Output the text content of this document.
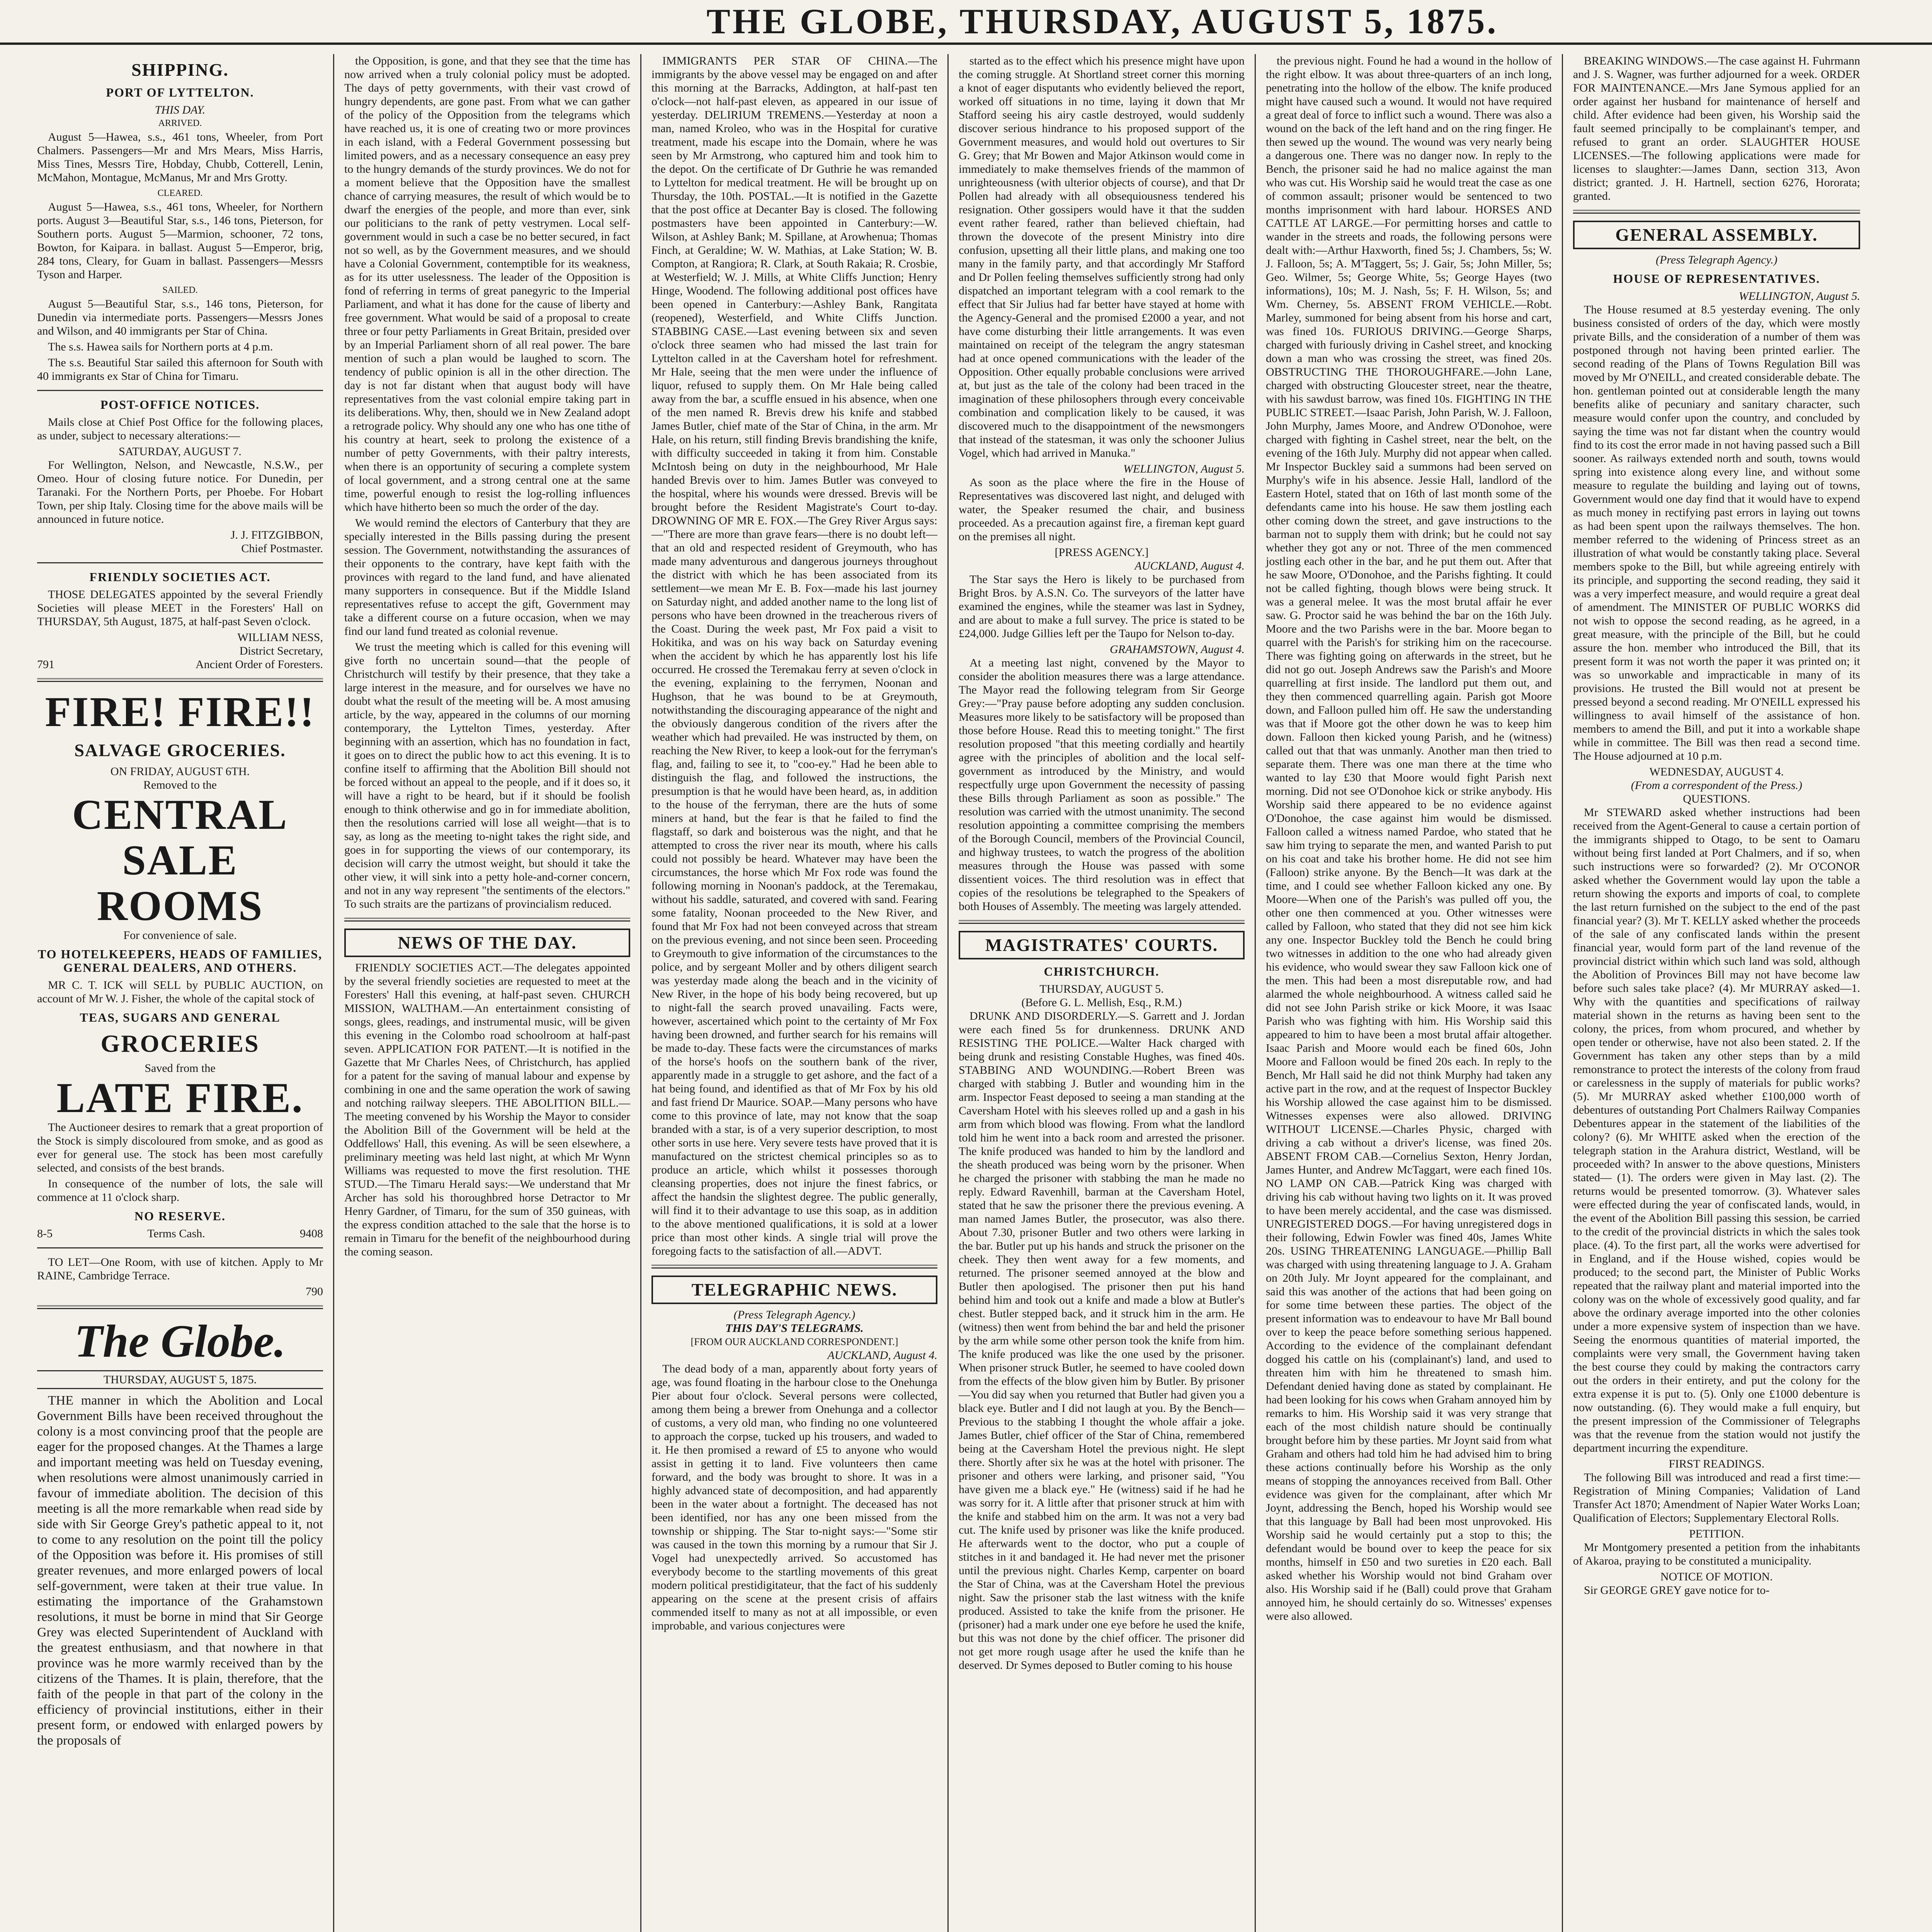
THE GLOBE, THURSDAY, AUGUST 5, 1875.
SHIPPING.
PORT OF LYTTELTON.
THIS DAY.
ARRIVED.

August 5—Hawea, s.s., 461 tons, Wheeler, from Port Chalmers. Passengers—Mr and Mrs Mears, Miss Harris, Miss Tines, Messrs Tire, Hobday, Chubb, Cotterell, Lenin, McMahon, Montague, McManus, Mr and Mrs Grotty.

CLEARED.

August 5—Hawea, s.s., 461 tons, Wheeler, for Northern ports. August 3—Beautiful Star, s.s., 146 tons, Pieterson, for Southern ports. August 5—Marmion, schooner, 72 tons, Bowton, for Kaipara. in ballast. August 5—Emperor, brig, 284 tons, Cleary, for Guam in ballast. Passengers—Messrs Tyson and Harper.

SAILED.

August 5—Beautiful Star, s.s., 146 tons, Pieterson, for Dunedin via intermediate ports. Passengers—Messrs Jones and Wilson, and 40 immigrants per Star of China.

The s.s. Hawea sails for Northern ports at 4 p.m.

The s.s. Beautiful Star sailed this afternoon for South with 40 immigrants ex Star of China for Timaru.

POST-OFFICE NOTICES.

Mails close at Chief Post Office for the following places, as under, subject to necessary alterations:—

SATURDAY, AUGUST 7.

For Wellington, Nelson, and Newcastle, N.S.W., per Omeo. Hour of closing future notice. For Dunedin, per Taranaki. For the Northern Ports, per Phoebe. For Hobart Town, per ship Italy. Closing time for the above mails will be announced in future notice.

J. J. FITZGIBBON,
Chief Postmaster.
FRIENDLY SOCIETIES ACT.

THOSE DELEGATES appointed by the several Friendly Societies will please MEET in the Foresters' Hall on THURSDAY, 5th August, 1875, at half-past Seven o'clock.

WILLIAM NESS,
District Secretary,
791	Ancient Order of Foresters.
FIRE! FIRE!!
SALVAGE GROCERIES.
ON FRIDAY, AUGUST 6TH.
Removed to the
CENTRAL
SALE ROOMS
For convenience of sale.
TO HOTELKEEPERS, HEADS OF FAMILIES, GENERAL DEALERS, AND OTHERS.

MR C. T. ICK will SELL by PUBLIC AUCTION, on account of Mr W. J. Fisher, the whole of the capital stock of

TEAS, SUGARS AND GENERAL
GROCERIES
Saved from the
LATE FIRE.

The Auctioneer desires to remark that a great proportion of the Stock is simply discoloured from smoke, and as good as ever for general use. The stock has been most carefully selected, and consists of the best brands.

In consequence of the number of lots, the sale will commence at 11 o'clock sharp.

NO RESERVE.
8-5	Terms Cash.	9408

TO LET—One Room, with use of kitchen. Apply to Mr RAINE, Cambridge Terrace.

790
The Globe.
THURSDAY, AUGUST 5, 1875.

THE manner in which the Abolition and Local Government Bills have been received throughout the colony is a most convincing proof that the people are eager for the proposed changes. At the Thames a large and important meeting was held on Tuesday evening, when resolutions were almost unanimously carried in favour of immediate abolition. The decision of this meeting is all the more remarkable when read side by side with Sir George Grey's pathetic appeal to it, not to come to any resolution on the point till the policy of the Opposition was before it. His promises of still greater revenues, and more enlarged powers of local self-government, were taken at their true value. In estimating the importance of the Grahamstown resolutions, it must be borne in mind that Sir George Grey was elected Superintendent of Auckland with the greatest enthusiasm, and that nowhere in that province was he more warmly received than by the citizens of the Thames. It is plain, therefore, that the faith of the people in that part of the colony in the efficiency of provincial institutions, either in their present form, or endowed with enlarged powers by the proposals of

the Opposition, is gone, and that they see that the time has now arrived when a truly colonial policy must be adopted. The days of petty governments, with their vast crowd of hungry dependents, are gone past. From what we can gather of the policy of the Opposition from the telegrams which have reached us, it is one of creating two or more provinces in each island, with a Federal Government possessing but limited powers, and as a necessary consequence an easy prey to the hungry demands of the sturdy provinces. We do not for a moment believe that the Opposition have the smallest chance of carrying measures, the result of which would be to dwarf the energies of the people, and more than ever, sink our politicians to the rank of petty vestrymen. Local self-government would in such a case be no better secured, in fact not so well, as by the Government measures, and we should have a Colonial Government, contemptible for its weakness, as for its utter uselessness. The leader of the Opposition is fond of referring in terms of great panegyric to the Imperial Parliament, and what it has done for the cause of liberty and free government. What would be said of a proposal to create three or four petty Parliaments in Great Britain, presided over by an Imperial Parliament shorn of all real power. The bare mention of such a plan would be laughed to scorn. The tendency of public opinion is all in the other direction. The day is not far distant when that august body will have representatives from the vast colonial empire taking part in its deliberations. Why, then, should we in New Zealand adopt a retrograde policy. Why should any one who has one tithe of his country at heart, seek to prolong the existence of a number of petty Governments, with their paltry interests, when there is an opportunity of securing a complete system of local government, and a strong central one at the same time, powerful enough to resist the log-rolling influences which have hitherto been so much the order of the day.

We would remind the electors of Canterbury that they are specially interested in the Bills passing during the present session. The Government, notwithstanding the assurances of their opponents to the contrary, have kept faith with the provinces with regard to the land fund, and have alienated many supporters in consequence. But if the Middle Island representatives refuse to accept the gift, Government may take a different course on a future occasion, when we may find our land fund treated as colonial revenue.

We trust the meeting which is called for this evening will give forth no uncertain sound—that the people of Christchurch will testify by their presence, that they take a large interest in the measure, and for ourselves we have no doubt what the result of the meeting will be. A most amusing article, by the way, appeared in the columns of our morning contemporary, the Lyttelton Times, yesterday. After beginning with an assertion, which has no foundation in fact, it goes on to direct the public how to act this evening. It is to confine itself to affirming that the Abolition Bill should not be forced without an appeal to the people, and if it does so, it will have a right to be heard, but if it should be foolish enough to think otherwise and go in for immediate abolition, then the resolutions carried will lose all weight—that is to say, as long as the meeting to-night takes the right side, and goes in for supporting the views of our contemporary, its decision will carry the utmost weight, but should it take the other view, it will sink into a petty hole-and-corner concern, and not in any way represent "the sentiments of the electors." To such straits are the partizans of provincialism reduced.

NEWS OF THE DAY.

FRIENDLY SOCIETIES ACT.—The delegates appointed by the several friendly societies are requested to meet at the Foresters' Hall this evening, at half-past seven. CHURCH MISSION, WALTHAM.—An entertainment consisting of songs, glees, readings, and instrumental music, will be given this evening in the Colombo road schoolroom at half-past seven. APPLICATION FOR PATENT.—It is notified in the Gazette that Mr Charles Nees, of Christchurch, has applied for a patent for the saving of manual labour and expense by combining in one and the same operation the work of sawing and notching railway sleepers. THE ABOLITION BILL.—The meeting convened by his Worship the Mayor to consider the Abolition Bill of the Government will be held at the Oddfellows' Hall, this evening. As will be seen elsewhere, a preliminary meeting was held last night, at which Mr Wynn Williams was requested to move the first resolution. THE STUD.—The Timaru Herald says:—We understand that Mr Archer has sold his thoroughbred horse Detractor to Mr Henry Gardner, of Timaru, for the sum of 350 guineas, with the express condition attached to the sale that the horse is to remain in Timaru for the benefit of the neighbourhood during the coming season.

IMMIGRANTS PER STAR OF CHINA.—The immigrants by the above vessel may be engaged on and after this morning at the Barracks, Addington, at half-past ten o'clock—not half-past eleven, as appeared in our issue of yesterday. DELIRIUM TREMENS.—Yesterday at noon a man, named Kroleo, who was in the Hospital for curative treatment, made his escape into the Domain, where he was seen by Mr Armstrong, who captured him and took him to the depot. On the certificate of Dr Guthrie he was remanded to Lyttelton for medical treatment. He will be brought up on Thursday, the 10th. POSTAL.—It is notified in the Gazette that the post office at Decanter Bay is closed. The following postmasters have been appointed in Canterbury:—W. Wilson, at Ashley Bank; M. Spillane, at Arowhenua; Thomas Finch, at Geraldine; W. W. Mathias, at Lake Station; W. B. Compton, at Rangiora; R. Clark, at South Rakaia; R. Crosbie, at Westerfield; W. J. Mills, at White Cliffs Junction; Henry Hinge, Woodend. The following additional post offices have been opened in Canterbury:—Ashley Bank, Rangitata (reopened), Westerfield, and White Cliffs Junction. STABBING CASE.—Last evening between six and seven o'clock three seamen who had missed the last train for Lyttelton called in at the Caversham hotel for refreshment. Mr Hale, seeing that the men were under the influence of liquor, refused to supply them. On Mr Hale being called away from the bar, a scuffle ensued in his absence, when one of the men named R. Brevis drew his knife and stabbed James Butler, chief mate of the Star of China, in the arm. Mr Hale, on his return, still finding Brevis brandishing the knife, with difficulty succeeded in taking it from him. Constable McIntosh being on duty in the neighbourhood, Mr Hale handed Brevis over to him. James Butler was conveyed to the hospital, where his wounds were dressed. Brevis will be brought before the Resident Magistrate's Court to-day. DROWNING OF MR E. FOX.—The Grey River Argus says:—"There are more than grave fears—there is no doubt left—that an old and respected resident of Greymouth, who has made many adventurous and dangerous journeys throughout the district with which he has been associated from its settlement—we mean Mr E. B. Fox—made his last journey on Saturday night, and added another name to the long list of persons who have been drowned in the treacherous rivers of the Coast. During the week past, Mr Fox paid a visit to Hokitika, and was on his way back on Saturday evening when the accident by which he has apparently lost his life occurred. He crossed the Teremakau ferry at seven o'clock in the evening, explaining to the ferrymen, Noonan and Hughson, that he was bound to be at Greymouth, notwithstanding the discouraging appearance of the night and the obviously dangerous condition of the rivers after the weather which had prevailed. He was instructed by them, on reaching the New River, to keep a look-out for the ferryman's flag, and, failing to see it, to "coo-ey." Had he been able to distinguish the flag, and followed the instructions, the presumption is that he would have been heard, as, in addition to the house of the ferryman, there are the huts of some miners at hand, but the fear is that he failed to find the flagstaff, so dark and boisterous was the night, and that he attempted to cross the river near its mouth, where his calls could not possibly be heard. Whatever may have been the circumstances, the horse which Mr Fox rode was found the following morning in Noonan's paddock, at the Teremakau, without his saddle, saturated, and covered with sand. Fearing some fatality, Noonan proceeded to the New River, and found that Mr Fox had not been conveyed across that stream on the previous evening, and not since been seen. Proceeding to Greymouth to give information of the circumstances to the police, and by sergeant Moller and by others diligent search was yesterday made along the beach and in the vicinity of New River, in the hope of his body being recovered, but up to night-fall the search proved unavailing. Facts were, however, ascertained which point to the certainty of Mr Fox having been drowned, and further search for his remains will be made to-day. These facts were the circumstances of marks of the horse's hoofs on the southern bank of the river, apparently made in a struggle to get ashore, and the fact of a hat being found, and identified as that of Mr Fox by his old and fast friend Dr Maurice. SOAP.—Many persons who have come to this province of late, may not know that the soap branded with a star, is of a very superior description, to most other sorts in use here. Very severe tests have proved that it is manufactured on the strictest chemical principles so as to produce an article, which whilst it possesses thorough cleansing properties, does not injure the finest fabrics, or affect the handsin the slightest degree. The public generally, will find it to their advantage to use this soap, as in addition to the above mentioned qualifications, it is sold at a lower price than most other kinds. A single trial will prove the foregoing facts to the satisfaction of all.—ADVT.

TELEGRAPHIC NEWS.
(Press Telegraph Agency.)
THIS DAY'S TELEGRAMS.
[FROM OUR AUCKLAND CORRESPONDENT.]
AUCKLAND, August 4.

The dead body of a man, apparently about forty years of age, was found floating in the harbour close to the Onehunga Pier about four o'clock. Several persons were collected, among them being a brewer from Onehunga and a collector of customs, a very old man, who finding no one volunteered to approach the corpse, tucked up his trousers, and waded to it. He then promised a reward of £5 to anyone who would assist in getting it to land. Five volunteers then came forward, and the body was brought to shore. It was in a highly advanced state of decomposition, and had apparently been in the water about a fortnight. The deceased has not been identified, nor has any one been missed from the township or shipping. The Star to-night says:—"Some stir was caused in the town this morning by a rumour that Sir J. Vogel had unexpectedly arrived. So accustomed has everybody become to the startling movements of this great modern political prestidigitateur, that the fact of his suddenly appearing on the scene at the present crisis of affairs commended itself to many as not at all impossible, or even improbable, and various conjectures were

started as to the effect which his presence might have upon the coming struggle. At Shortland street corner this morning a knot of eager disputants who evidently believed the report, worked off situations in no time, laying it down that Mr Stafford seeing his airy castle destroyed, would suddenly discover serious hindrance to his proposed support of the Government measures, and would hold out overtures to Sir G. Grey; that Mr Bowen and Major Atkinson would come in immediately to make themselves friends of the mammon of unrighteousness (with ulterior objects of course), and that Dr Pollen had already with all obsequiousness tendered his resignation. Other gossipers would have it that the sudden event rather feared, rather than believed chieftain, had thrown the dovecote of the present Ministry into dire confusion, upsetting all their little plans, and making one too many in the family party, and that accordingly Mr Stafford and Dr Pollen feeling themselves sufficiently strong had only dispatched an important telegram with a cool remark to the effect that Sir Julius had far better have stayed at home with the Agency-General and the promised £2000 a year, and not have come disturbing their little arrangements. It was even maintained on receipt of the telegram the angry statesman had at once opened communications with the leader of the Opposition. Other equally probable conclusions were arrived at, but just as the tale of the colony had been traced in the imagination of these philosophers through every conceivable combination and complication likely to be caused, it was discovered much to the disappointment of the newsmongers that instead of the statesman, it was only the schooner Julius Vogel, which had arrived in Manuka."

WELLINGTON, August 5.

As soon as the place where the fire in the House of Representatives was discovered last night, and deluged with water, the Speaker resumed the chair, and business proceeded. As a precaution against fire, a fireman kept guard on the premises all night.

[PRESS AGENCY.]
AUCKLAND, August 4.

The Star says the Hero is likely to be purchased from Bright Bros. by A.S.N. Co. The surveyors of the latter have examined the engines, while the steamer was last in Sydney, and are about to make a full survey. The price is stated to be £24,000. Judge Gillies left per the Taupo for Nelson to-day.

GRAHAMSTOWN, August 4.

At a meeting last night, convened by the Mayor to consider the abolition measures there was a large attendance. The Mayor read the following telegram from Sir George Grey:—"Pray pause before adopting any sudden conclusion. Measures more likely to be satisfactory will be proposed than those before House. Read this to meeting tonight." The first resolution proposed "that this meeting cordially and heartily agree with the principles of abolition and the local self-government as introduced by the Ministry, and would respectfully urge upon Government the necessity of passing these Bills through Parliament as soon as possible." The resolution was carried with the utmost unanimity. The second resolution appointing a committee comprising the members of the Borough Council, members of the Provincial Council, and highway trustees, to watch the progress of the abolition measures through the House was passed with some dissentient voices. The third resolution was in effect that copies of the resolutions be telegraphed to the Speakers of both Houses of Assembly. The meeting was largely attended.

MAGISTRATES' COURTS.
CHRISTCHURCH.
THURSDAY, AUGUST 5.
(Before G. L. Mellish, Esq., R.M.)

DRUNK AND DISORDERLY.—S. Garrett and J. Jordan were each fined 5s for drunkenness. DRUNK AND RESISTING THE POLICE.—Walter Hack charged with being drunk and resisting Constable Hughes, was fined 40s. STABBING AND WOUNDING.—Robert Breen was charged with stabbing J. Butler and wounding him in the arm. Inspector Feast deposed to seeing a man standing at the Caversham Hotel with his sleeves rolled up and a gash in his arm from which blood was flowing. From what the landlord told him he went into a back room and arrested the prisoner. The knife produced was handed to him by the landlord and the sheath produced was being worn by the prisoner. When he charged the prisoner with stabbing the man he made no reply. Edward Ravenhill, barman at the Caversham Hotel, stated that he saw the prisoner there the previous evening. A man named James Butler, the prosecutor, was also there. About 7.30, prisoner Butler and two others were larking in the bar. Butler put up his hands and struck the prisoner on the cheek. They then went away for a few moments, and returned. The prisoner seemed annoyed at the blow and Butler then apologised. The prisoner then put his hand behind him and took out a knife and made a blow at Butler's chest. Butler stepped back, and it struck him in the arm. He (witness) then went from behind the bar and held the prisoner by the arm while some other person took the knife from him. The knife produced was like the one used by the prisoner. When prisoner struck Butler, he seemed to have cooled down from the effects of the blow given him by Butler. By prisoner—You did say when you returned that Butler had given you a black eye. Butler and I did not laugh at you. By the Bench—Previous to the stabbing I thought the whole affair a joke. James Butler, chief officer of the Star of China, remembered being at the Caversham Hotel the previous night. He slept there. Shortly after six he was at the hotel with prisoner. The prisoner and others were larking, and prisoner said, "You have given me a black eye." He (witness) said if he had he was sorry for it. A little after that prisoner struck at him with the knife and stabbed him on the arm. It was not a very bad cut. The knife used by prisoner was like the knife produced. He afterwards went to the doctor, who put a couple of stitches in it and bandaged it. He had never met the prisoner until the previous night. Charles Kemp, carpenter on board the Star of China, was at the Caversham Hotel the previous night. Saw the prisoner stab the last witness with the knife produced. Assisted to take the knife from the prisoner. He (prisoner) had a mark under one eye before he used the knife, but this was not done by the chief officer. The prisoner did not get more rough usage after he used the knife than he deserved. Dr Symes deposed to Butler coming to his house

the previous night. Found he had a wound in the hollow of the right elbow. It was about three-quarters of an inch long, penetrating into the hollow of the elbow. The knife produced might have caused such a wound. It would not have required a great deal of force to inflict such a wound. There was also a wound on the back of the left hand and on the ring finger. He then sewed up the wound. The wound was very nearly being a dangerous one. There was no danger now. In reply to the Bench, the prisoner said he had no malice against the man who was cut. His Worship said he would treat the case as one of common assault; prisoner would be sentenced to two months imprisonment with hard labour. HORSES AND CATTLE AT LARGE.—For permitting horses and cattle to wander in the streets and roads, the following persons were dealt with:—Arthur Haxworth, fined 5s; J. Chambers, 5s; W. J. Falloon, 5s; A. M'Taggert, 5s; J. Gair, 5s; John Miller, 5s; Geo. Wilmer, 5s; George White, 5s; George Hayes (two informations), 10s; M. J. Nash, 5s; F. H. Wilson, 5s; and Wm. Cherney, 5s. ABSENT FROM VEHICLE.—Robt. Marley, summoned for being absent from his horse and cart, was fined 10s. FURIOUS DRIVING.—George Sharps, charged with furiously driving in Cashel street, and knocking down a man who was crossing the street, was fined 20s. OBSTRUCTING THE THOROUGHFARE.—John Lane, charged with obstructing Gloucester street, near the theatre, with his sawdust barrow, was fined 10s. FIGHTING IN THE PUBLIC STREET.—Isaac Parish, John Parish, W. J. Falloon, John Murphy, James Moore, and Andrew O'Donohoe, were charged with fighting in Cashel street, near the belt, on the evening of the 16th July. Murphy did not appear when called. Mr Inspector Buckley said a summons had been served on Murphy's wife in his absence. Jessie Hall, landlord of the Eastern Hotel, stated that on 16th of last month some of the defendants came into his house. He saw them jostling each other coming down the street, and gave instructions to the barman not to supply them with drink; but he could not say whether they got any or not. Three of the men commenced jostling each other in the bar, and he put them out. After that he saw Moore, O'Donohoe, and the Parishs fighting. It could not be called fighting, though blows were being struck. It was a general melee. It was the most brutal affair he ever saw. G. Proctor said he was behind the bar on the 16th July. Moore and the two Parishs were in the bar. Moore began to quarrel with the Parish's for striking him on the racecourse. There was fighting going on afterwards in the street, but he did not go out. Joseph Andrews saw the Parish's and Moore quarrelling at first inside. The landlord put them out, and they then commenced quarrelling again. Parish got Moore down, and Falloon pulled him off. He saw the understanding was that if Moore got the other down he was to keep him down. Falloon then kicked young Parish, and he (witness) called out that that was unmanly. Another man then tried to separate them. There was one man there at the time who wanted to lay £30 that Moore would fight Parish next morning. Did not see O'Donohoe kick or strike anybody. His Worship said there appeared to be no evidence against O'Donohoe, the case against him would be dismissed. Falloon called a witness named Pardoe, who stated that he saw him trying to separate the men, and wanted Parish to put on his coat and take his brother home. He did not see him (Falloon) strike anyone. By the Bench—It was dark at the time, and I could see whether Falloon kicked any one. By Moore—When one of the Parish's was pulled off you, the other one then commenced at you. Other witnesses were called by Falloon, who stated that they did not see him kick any one. Inspector Buckley told the Bench he could bring two witnesses in addition to the one who had already given his evidence, who would swear they saw Falloon kick one of the men. This had been a most disreputable row, and had alarmed the whole neighbourhood. A witness called said he did not see John Parish strike or kick Moore, it was Isaac Parish who was fighting with him. His Worship said this appeared to him to have been a most brutal affair altogether. Isaac Parish and Moore would each be fined 60s, John Moore and Falloon would be fined 20s each. In reply to the Bench, Mr Hall said he did not think Murphy had taken any active part in the row, and at the request of Inspector Buckley his Worship allowed the case against him to be dismissed. Witnesses expenses were also allowed. DRIVING WITHOUT LICENSE.—Charles Physic, charged with driving a cab without a driver's license, was fined 20s. ABSENT FROM CAB.—Cornelius Sexton, Henry Jordan, James Hunter, and Andrew McTaggart, were each fined 10s. NO LAMP ON CAB.—Patrick King was charged with driving his cab without having two lights on it. It was proved to have been merely accidental, and the case was dismissed. UNREGISTERED DOGS.—For having unregistered dogs in their following, Edwin Fowler was fined 40s, James White 20s. USING THREATENING LANGUAGE.—Phillip Ball was charged with using threatening language to J. A. Graham on 20th July. Mr Joynt appeared for the complainant, and said this was another of the actions that had been going on for some time between these parties. The object of the present information was to endeavour to have Mr Ball bound over to keep the peace before something serious happened. According to the evidence of the complainant defendant dogged his cattle on his (complainant's) land, and used to threaten him with him he threatened to smash him. Defendant denied having done as stated by complainant. He had been looking for his cows when Graham annoyed him by remarks to him. His Worship said it was very strange that each of the most childish nature should be continually brought before him by these parties. Mr Joynt said from what Graham and others had told him he had advised him to bring these actions continually before his Worship as the only means of stopping the annoyances received from Ball. Other evidence was given for the complainant, after which Mr Joynt, addressing the Bench, hoped his Worship would see that this language by Ball had been most unprovoked. His Worship said he would certainly put a stop to this; the defendant would be bound over to keep the peace for six months, himself in £50 and two sureties in £20 each. Ball asked whether his Worship would not bind Graham over also. His Worship said if he (Ball) could prove that Graham annoyed him, he should certainly do so. Witnesses' expenses were also allowed.

BREAKING WINDOWS.—The case against H. Fuhrmann and J. S. Wagner, was further adjourned for a week. ORDER FOR MAINTENANCE.—Mrs Jane Symous applied for an order against her husband for maintenance of herself and child. After evidence had been given, his Worship said the fault seemed principally to be complainant's temper, and refused to grant an order. SLAUGHTER HOUSE LICENSES.—The following applications were made for licenses to slaughter:—James Dann, section 313, Avon district; granted. J. H. Hartnell, section 6276, Hororata; granted.

GENERAL ASSEMBLY.
(Press Telegraph Agency.)
HOUSE OF REPRESENTATIVES.
WELLINGTON, August 5.

The House resumed at 8.5 yesterday evening. The only business consisted of orders of the day, which were mostly private Bills, and the consideration of a number of them was postponed through not having been printed earlier. The second reading of the Plans of Towns Regulation Bill was moved by Mr O'NEILL, and created considerable debate. The hon. gentleman pointed out at considerable length the many benefits alike of pecuniary and sanitary character, such measure would confer upon the country, and concluded by saying the time was not far distant when the country would find to its cost the error made in not having passed such a Bill sooner. As railways extended north and south, towns would spring into existence along every line, and without some measure to regulate the building and laying out of towns, Government would one day find that it would have to expend as much money in rectifying past errors in laying out towns as had been spent upon the railways themselves. The hon. member referred to the widening of Princess street as an illustration of what would be constantly taking place. Several members spoke to the Bill, but while agreeing entirely with its principle, and supporting the second reading, they said it was a very imperfect measure, and would require a great deal of amendment. The MINISTER OF PUBLIC WORKS did not wish to oppose the second reading, as he agreed, in a great measure, with the principle of the Bill, but he could assure the hon. member who introduced the Bill, that its present form it was not worth the paper it was printed on; it was so unworkable and impracticable in many of its provisions. He trusted the Bill would not at present be pressed beyond a second reading. Mr O'NEILL expressed his willingness to avail himself of the assistance of hon. members to amend the Bill, and put it into a workable shape while in committee. The Bill was then read a second time. The House adjourned at 10 p.m.

WEDNESDAY, AUGUST 4.
(From a correspondent of the Press.)
QUESTIONS.

Mr STEWARD asked whether instructions had been received from the Agent-General to cause a certain portion of the immigrants shipped to Otago, to be sent to Oamaru without being first landed at Port Chalmers, and if so, when such instructions were so forwarded? (2). Mr O'CONOR asked whether the Government would lay upon the table a return showing the exports and imports of coal, to complete the last return furnished on the subject to the end of the past financial year? (3). Mr T. KELLY asked whether the proceeds of the sale of any confiscated lands within the present financial year, would form part of the land revenue of the provincial district within which such land was sold, although the Abolition of Provinces Bill may not have become law before such sales take place? (4). Mr MURRAY asked—1. Why with the quantities and specifications of railway material shown in the returns as having been sent to the colony, the prices, from whom procured, and whether by open tender or otherwise, have not also been stated. 2. If the Government has taken any other steps than by a mild remonstrance to protect the interests of the colony from fraud or carelessness in the supply of materials for public works? (5). Mr MURRAY asked whether £100,000 worth of debentures of outstanding Port Chalmers Railway Companies Debentures appear in the statement of the liabilities of the colony? (6). Mr WHITE asked when the erection of the telegraph station in the Arahura district, Westland, will be proceeded with? In answer to the above questions, Ministers stated— (1). The orders were given in May last. (2). The returns would be presented tomorrow. (3). Whatever sales were effected during the year of confiscated lands, would, in the event of the Abolition Bill passing this session, be carried to the credit of the provincial districts in which the sales took place. (4). To the first part, all the works were advertised for in England, and if the House wished, copies would be produced; to the second part, the Minister of Public Works repeated that the railway plant and material imported into the colony was on the whole of excessively good quality, and far above the ordinary average imported into the other colonies under a more expensive system of inspection than we have. Seeing the enormous quantities of material imported, the complaints were very small, the Government having taken the best course they could by making the contractors carry out the orders in their entirety, and put the colony for the extra expense it is put to. (5). Only one £1000 debenture is now outstanding. (6). They would make a full enquiry, but the present impression of the Commissioner of Telegraphs was that the revenue from the station would not justify the department incurring the expenditure.

FIRST READINGS.

The following Bill was introduced and read a first time:—Registration of Mining Companies; Validation of Land Transfer Act 1870; Amendment of Napier Water Works Loan; Qualification of Electors; Supplementary Electoral Rolls.

PETITION.

Mr Montgomery presented a petition from the inhabitants of Akaroa, praying to be constituted a municipality.

NOTICE OF MOTION.

Sir GEORGE GREY gave notice for to-
